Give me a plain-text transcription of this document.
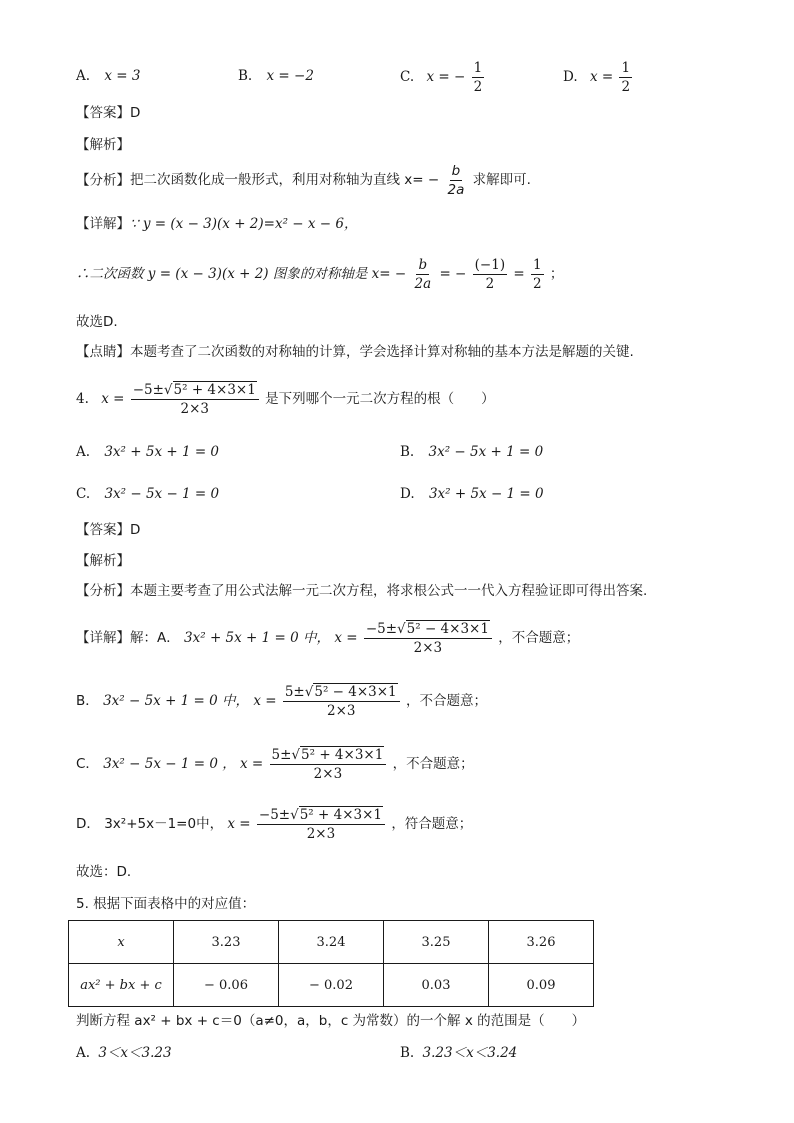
A. x = 3	B. x = −2	C. x = − $\frac{1}{2}$	D. $x = \frac{1}{2}$
【答案】D
【解析】
【分析】把二次函数化成一般形式，利用对称轴为直线 $x= - \frac{b}{2a}$ 求解即可.
【详解】∵ y = (x − 3)(x + 2)=x² − x − 6，
∴二次函数 y = (x − 3)(x + 2) 图象的对称轴是 $x= - \frac{b}{2a}$ = − $\frac{(-1)}{2} = \frac{1}{2}$ ；
故选D.
【点睛】本题考查了二次函数的对称轴的计算，学会选择计算对称轴的基本方法是解题的关键.
4. $x = \frac{\text{−5±√5² + 4×3×1}}{2\times 3}$ 是下列哪个一元二次方程的根（　　）
A. 3x² + 5x + 1 = 0	B. 3x² − 5x + 1 = 0
C. 3x² − 5x − 1 = 0	D. 3x² + 5x − 1 = 0
【答案】D
【解析】
【分析】本题主要考查了用公式法解一元二次方程，将求根公式一一代入方程验证即可得出答案.
【详解】解：A． 3x² + 5x + 1 = 0 中， $x = \frac{\text{−5±√5² − 4×3×1}}{2\times 3}$ ，不合题意；
B． 3x² − 5x + 1 = 0 中， $x = \frac{\text{5±√5² − 4×3×1}}{2\times 3}$ ，不合题意；
C． 3x² − 5x − 1 = 0 ， $x = \frac{\text{5±√5² + 4×3×1}}{2\times 3}$ ，不合题意；
D． 3x²+5x－1=0中， $x = \frac{\text{−5±√5² + 4×3×1}}{2\times 3}$ ，符合题意；
故选：D．
5. 根据下面表格中的对应值：
x	3.23	3.24	3.25	3.26
ax² + bx + c	− 0.06	− 0.02	0.03	0.09
判断方程 ax² + bx + c＝0（a≠0，a，b，c 为常数）的一个解 x 的范围是（　　）
A. 3＜x＜3.23	B. 3.23＜x＜3.24
